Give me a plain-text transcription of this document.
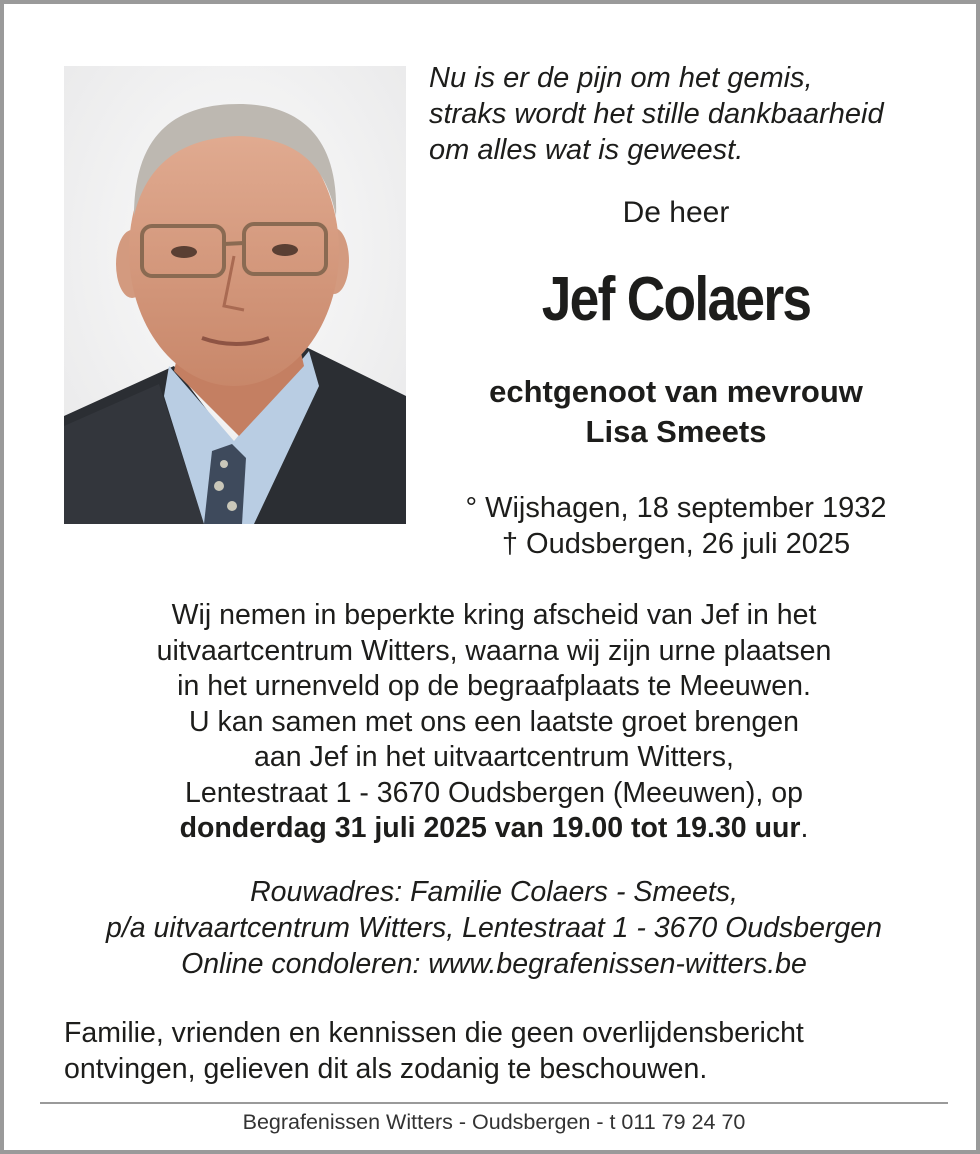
Nu is er de pijn om het gemis,
straks wordt het stille dankbaarheid
om alles wat is geweest.
De heer
Jef Colaers
echtgenoot van mevrouw
Lisa Smeets
° Wijshagen, 18 september 1932
† Oudsbergen, 26 juli 2025
Wij nemen in beperkte kring afscheid van Jef in het
uitvaartcentrum Witters, waarna wij zijn urne plaatsen
in het urnenveld op de begraafplaats te Meeuwen.
U kan samen met ons een laatste groet brengen
aan Jef in het uitvaartcentrum Witters,
Lentestraat 1 - 3670 Oudsbergen (Meeuwen), op
donderdag 31 juli 2025 van 19.00 tot 19.30 uur.
Rouwadres: Familie Colaers - Smeets,
p/a uitvaartcentrum Witters, Lentestraat 1 - 3670 Oudsbergen
Online condoleren: www.begrafenissen-witters.be
Familie, vrienden en kennissen die geen overlijdensbericht
ontvingen, gelieven dit als zodanig te beschouwen.
Begrafenissen Witters - Oudsbergen - t 011 79 24 70
